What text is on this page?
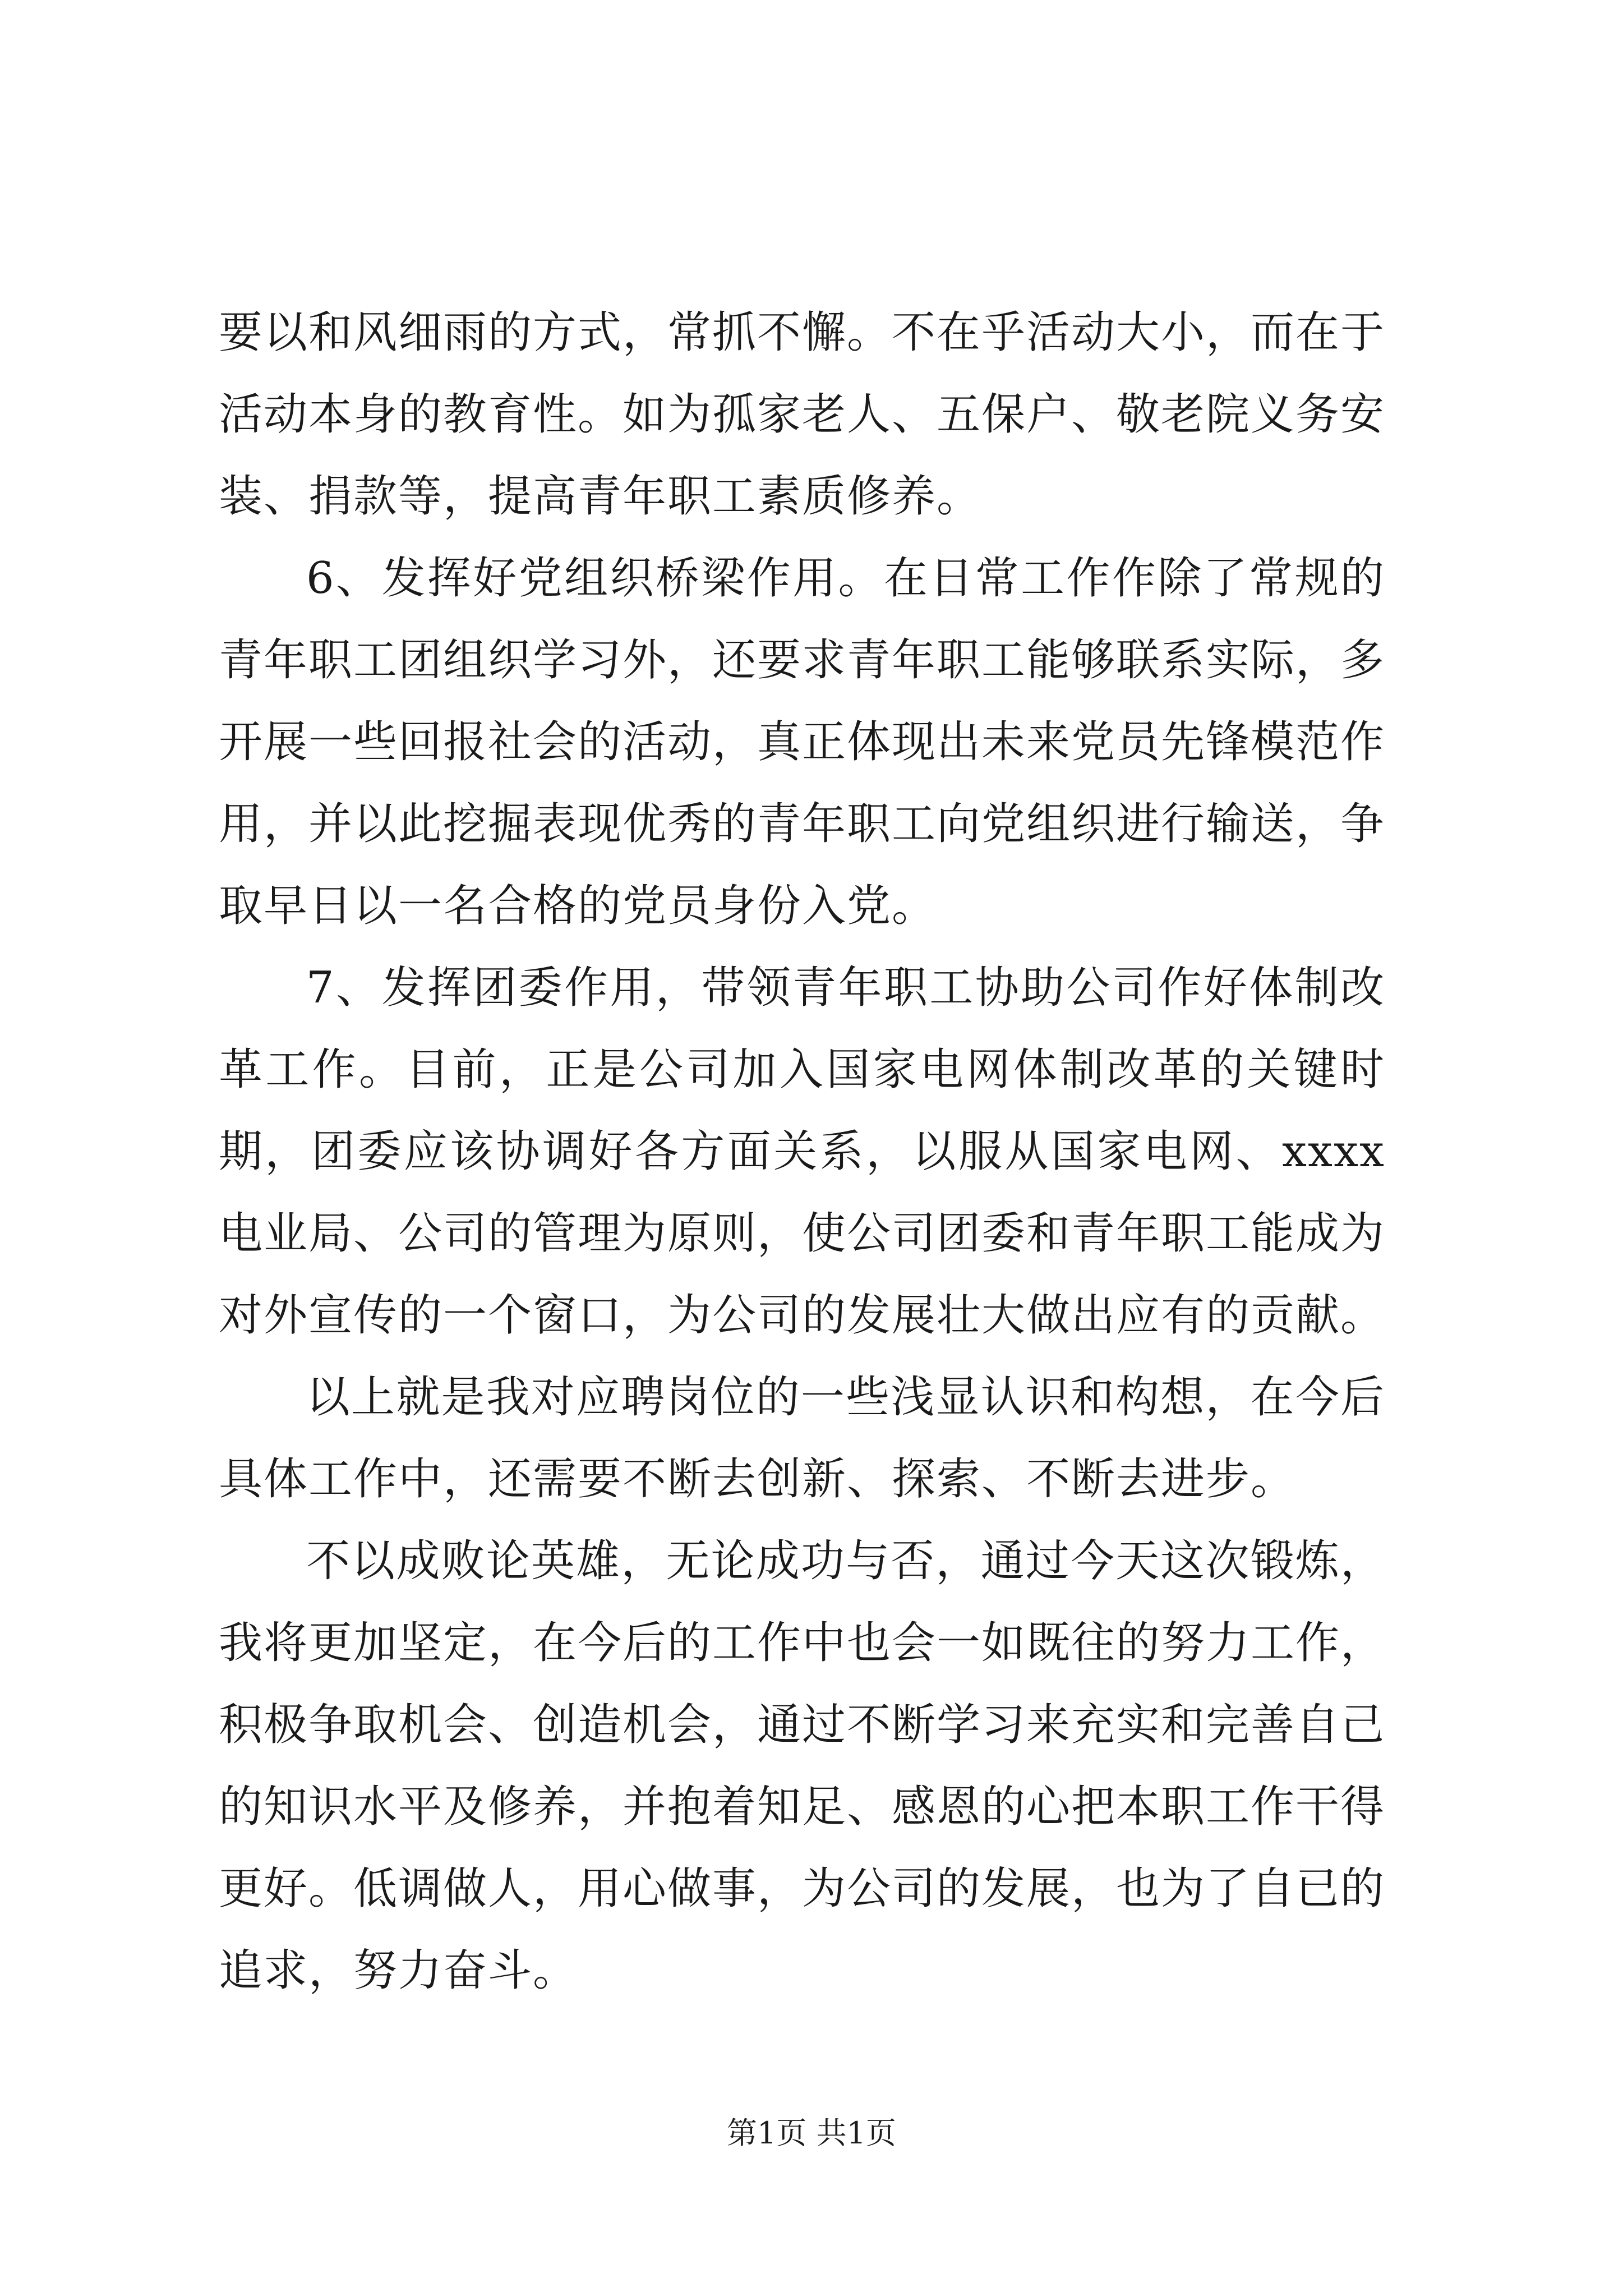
要以和风细雨的方式，常抓不懈。不在乎活动大小，而在于活动本身的教育性。如为孤家老人、五保户、敬老院义务安装、捐款等，提高青年职工素质修养。

6、发挥好党组织桥梁作用。在日常工作作除了常规的青年职工团组织学习外，还要求青年职工能够联系实际，多开展一些回报社会的活动，真正体现出未来党员先锋模范作用，并以此挖掘表现优秀的青年职工向党组织进行输送，争取早日以一名合格的党员身份入党。

7、发挥团委作用，带领青年职工协助公司作好体制改革工作。目前，正是公司加入国家电网体制改革的关键时期，团委应该协调好各方面关系，以服从国家电网、xxxx电业局、公司的管理为原则，使公司团委和青年职工能成为对外宣传的一个窗口，为公司的发展壮大做出应有的贡献。

以上就是我对应聘岗位的一些浅显认识和构想，在今后具体工作中，还需要不断去创新、探索、不断去进步。

不以成败论英雄，无论成功与否，通过今天这次锻炼，我将更加坚定，在今后的工作中也会一如既往的努力工作，积极争取机会、创造机会，通过不断学习来充实和完善自己的知识水平及修养，并抱着知足、感恩的心把本职工作干得更好。低调做人，用心做事，为公司的发展，也为了自已的追求，努力奋斗。

第1页 共1页
